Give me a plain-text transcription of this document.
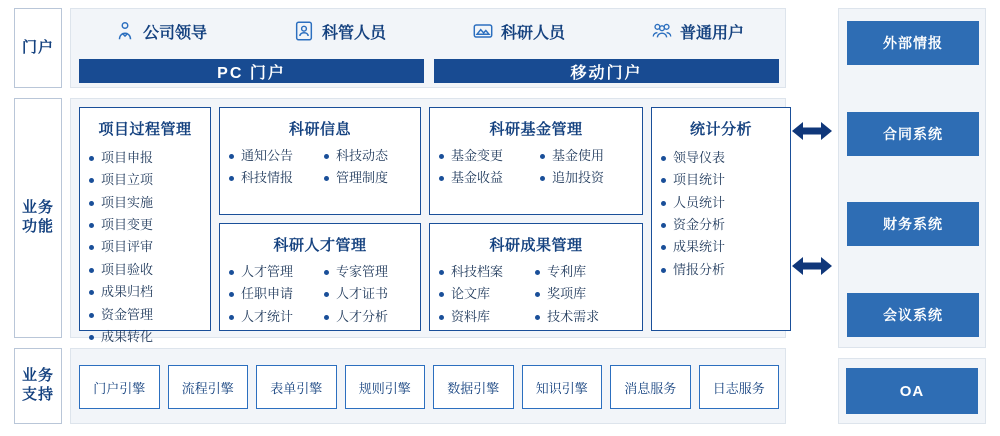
门户
业务功能
业务支持
公司领导	科管人员	科研人员	普通用户
PC 门户	移动门户
项目过程管理
项目申报
项目立项
项目实施
项目变更
项目评审
项目验收
成果归档
资金管理
成果转化
科研信息
通知公告
科技情报
科技动态
管理制度
科研基金管理
基金变更
基金收益
基金使用
追加投资
统计分析
领导仪表
项目统计
人员统计
资金分析
成果统计
情报分析
科研人才管理
人才管理
任职申请
人才统计
专家管理
人才证书
人才分析
科研成果管理
科技档案
论文库
资料库
专利库
奖项库
技术需求
门户引擎	流程引擎	表单引擎	规则引擎	数据引擎	知识引擎	消息服务	日志服务
外部情报
合同系统
财务系统
会议系统
OA
